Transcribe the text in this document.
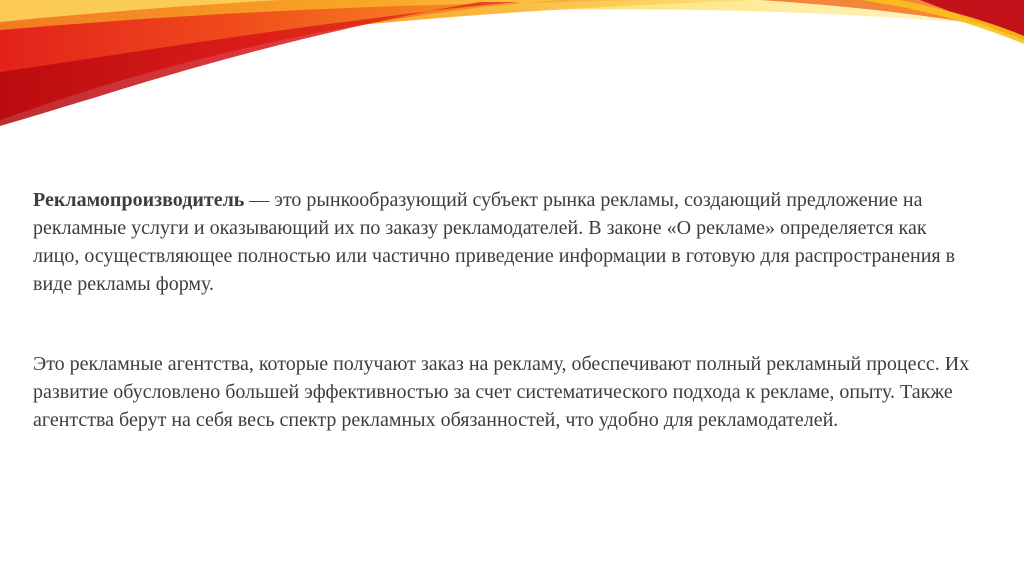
Рекламопроизводитель — это рынкообразующий субъект рынка рекламы, создающий предложение на рекламные услуги и оказывающий их по заказу рекламодателей. В законе «О рекламе» определяется как лицо, осуществляющее полностью или частично приведение информации в готовую для распространения в виде рекламы форму.

Это рекламные агентства, которые получают заказ на рекламу, обеспечивают полный рекламный процесс. Их развитие обусловлено большей эффективностью за счет систематического подхода к рекламе, опыту. Также агентства берут на себя весь спектр рекламных обязанностей, что удобно для рекламодателей.
